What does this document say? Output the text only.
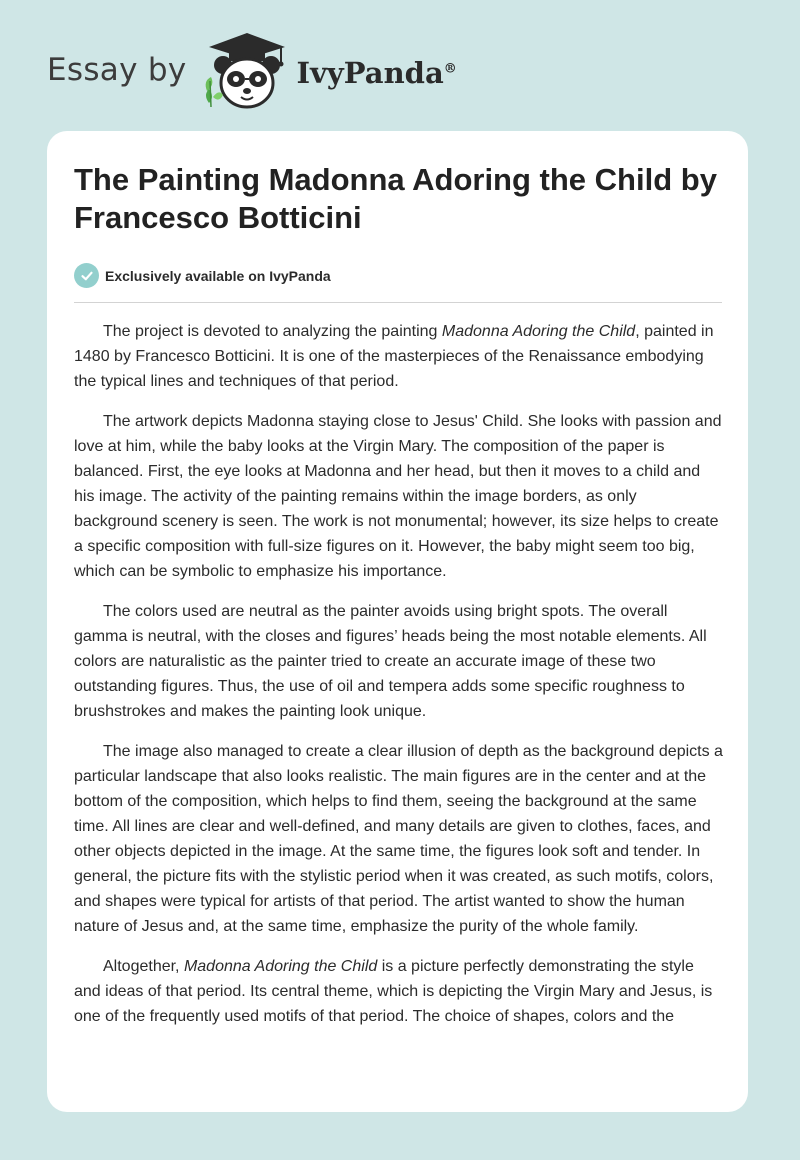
Essay by	IvyPanda®
The Painting Madonna Adoring the Child by Francesco Botticini
Exclusively available on IvyPanda

The project is devoted to analyzing the painting Madonna Adoring the Child, painted in 1480 by Francesco Botticini. It is one of the masterpieces of the Renaissance embodying the typical lines and techniques of that period.

The artwork depicts Madonna staying close to Jesus' Child. She looks with passion and love at him, while the baby looks at the Virgin Mary. The composition of the paper is balanced. First, the eye looks at Madonna and her head, but then it moves to a child and his image. The activity of the painting remains within the image borders, as only background scenery is seen. The work is not monumental; however, its size helps to create a specific composition with full-size figures on it. However, the baby might seem too big, which can be symbolic to emphasize his importance.

The colors used are neutral as the painter avoids using bright spots. The overall gamma is neutral, with the closes and figures’ heads being the most notable elements. All colors are naturalistic as the painter tried to create an accurate image of these two outstanding figures. Thus, the use of oil and tempera adds some specific roughness to brushstrokes and makes the painting look unique.

The image also managed to create a clear illusion of depth as the background depicts a particular landscape that also looks realistic. The main figures are in the center and at the bottom of the composition, which helps to find them, seeing the background at the same time. All lines are clear and well-defined, and many details are given to clothes, faces, and other objects depicted in the image. At the same time, the figures look soft and tender. In general, the picture fits with the stylistic period when it was created, as such motifs, colors, and shapes were typical for artists of that period. The artist wanted to show the human nature of Jesus and, at the same time, emphasize the purity of the whole family.

Altogether, Madonna Adoring the Child is a picture perfectly demonstrating the style and ideas of that period. Its central theme, which is depicting the Virgin Mary and Jesus, is one of the frequently used motifs of that period. The choice of shapes, colors and the
